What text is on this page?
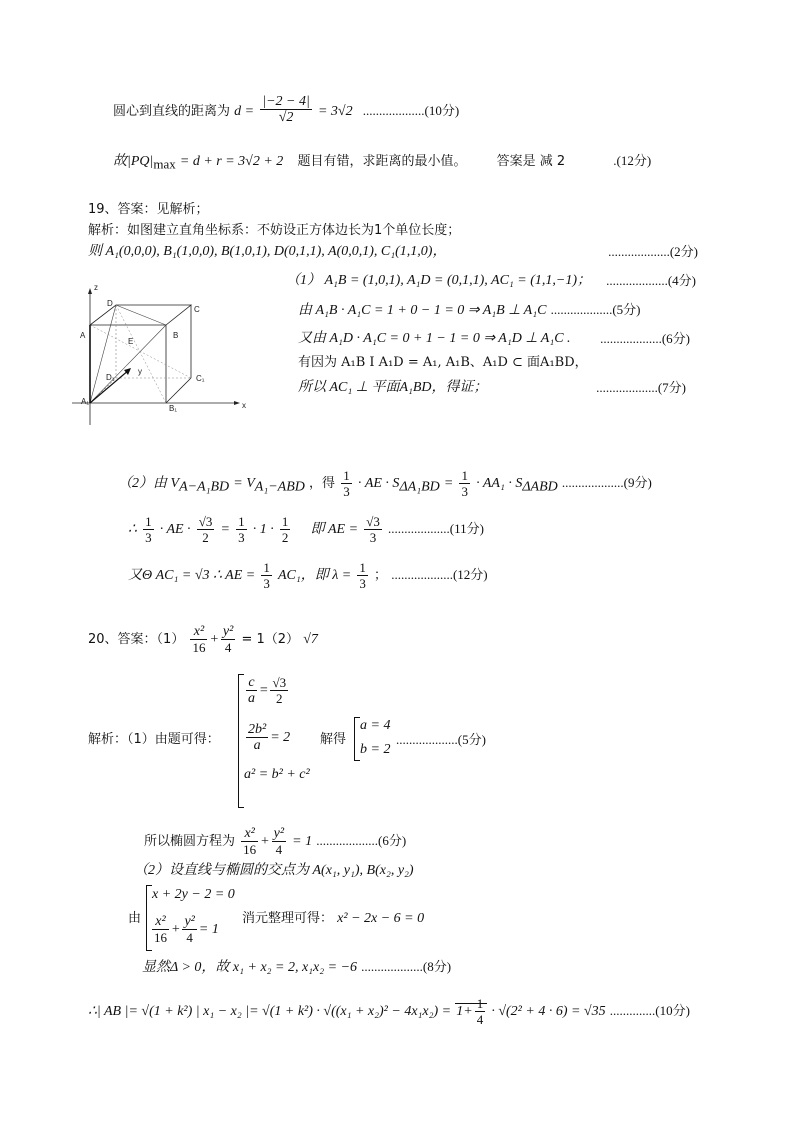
圆心到直线的距离为 $d = \frac{|-2 - 4|}{√2} = 3√2$ ...................(10分)
故$|PQ|_{max} = d + r = 3√2 + 2$ 题目有错，求距离的最小值。 答案是 减 2	.(12分)
19、答案：见解析；
解析：如图建立直角坐标系：不妨设正方体边长为1个单位长度；
则 A₁(0,0,0), B₁(1,0,0), B(1,0,1), D(0,1,1), A(0,0,1), C₁(1,1,0)，	...................(2分)
z
D
C
A	B
E
D₁
y
C₁
A₁
B₁	x
（1） A₁B = (1,0,1), A₁D = (0,1,1), AC₁ = (1,1,−1)； ...................(4分)
由 A₁B · A₁C = 1 + 0 − 1 = 0 ⇒ A₁B ⊥ A₁C ...................(5分)
又由 A₁D · A₁C = 0 + 1 − 1 = 0 ⇒ A₁D ⊥ A₁C . ...................(6分)
有因为 A₁B I A₁D = A₁, A₁B、A₁D ⊂ 面A₁BD，
所以 AC₁ ⊥ 平面A₁BD，得证；	...................(7分)
（2）由 $V_{A-A_1BD} = V_{A_1-ABD}$ ，得 $\frac{1}{3}$ · AE · $S_{\Delta A_1BD} = \frac{1}{3} \cdot AA_1 \cdot S_{\Delta ABD}$ ...................(9分)
∴ $\frac{1}{3}$ · AE · $\frac{√3}{2} = \frac{1}{3} \cdot 1 \cdot \frac{1}{2}$ 即 AE = $\frac{√3}{3} ...................(11$分)
又Θ AC₁ = √3 ∴ AE = $\frac{1}{3} AC_1$，即 $\lambda = \frac{1}{3}$ ； ...................(12分)
20、答案：$(1) \frac{\text{x²}}{16} + \frac{\text{y²}}{4} = 1(2)$ √7
解析：（1）由题可得：
$\frac{c}{a} = \frac{√3}{2}$
$\frac{\text{2b²}}{a} = 2$
a² = b² + c²
解得
a = 4
b = 2
...................(5分)
所以椭圆方程为 $\frac{\text{x²}}{16} + \frac{\text{y²}}{4} = 1$ ...................(6分)
（2）设直线与椭圆的交点为 A(x₁, y₁), B(x₂, y₂)
由
x + 2y − 2 = 0
$\frac{\text{x²}}{16} + \frac{\text{y²}}{4} = 1$
消元整理可得： x² − 2x − 6 = 0
显然Δ > 0，故 x₁ + x₂ = 2, x₁x₂ = −6 ...................(8分)
∴| AB |= √(1 + k²) | x₁ − x₂ |= $√(1 + k^2) \cdot √((x_1 + x_2)^2 - 4x_1x_2) = 1+ \frac{1}{4} \cdot √(2^2 + 4 \cdot 6) = √35$ ..............(10分)
